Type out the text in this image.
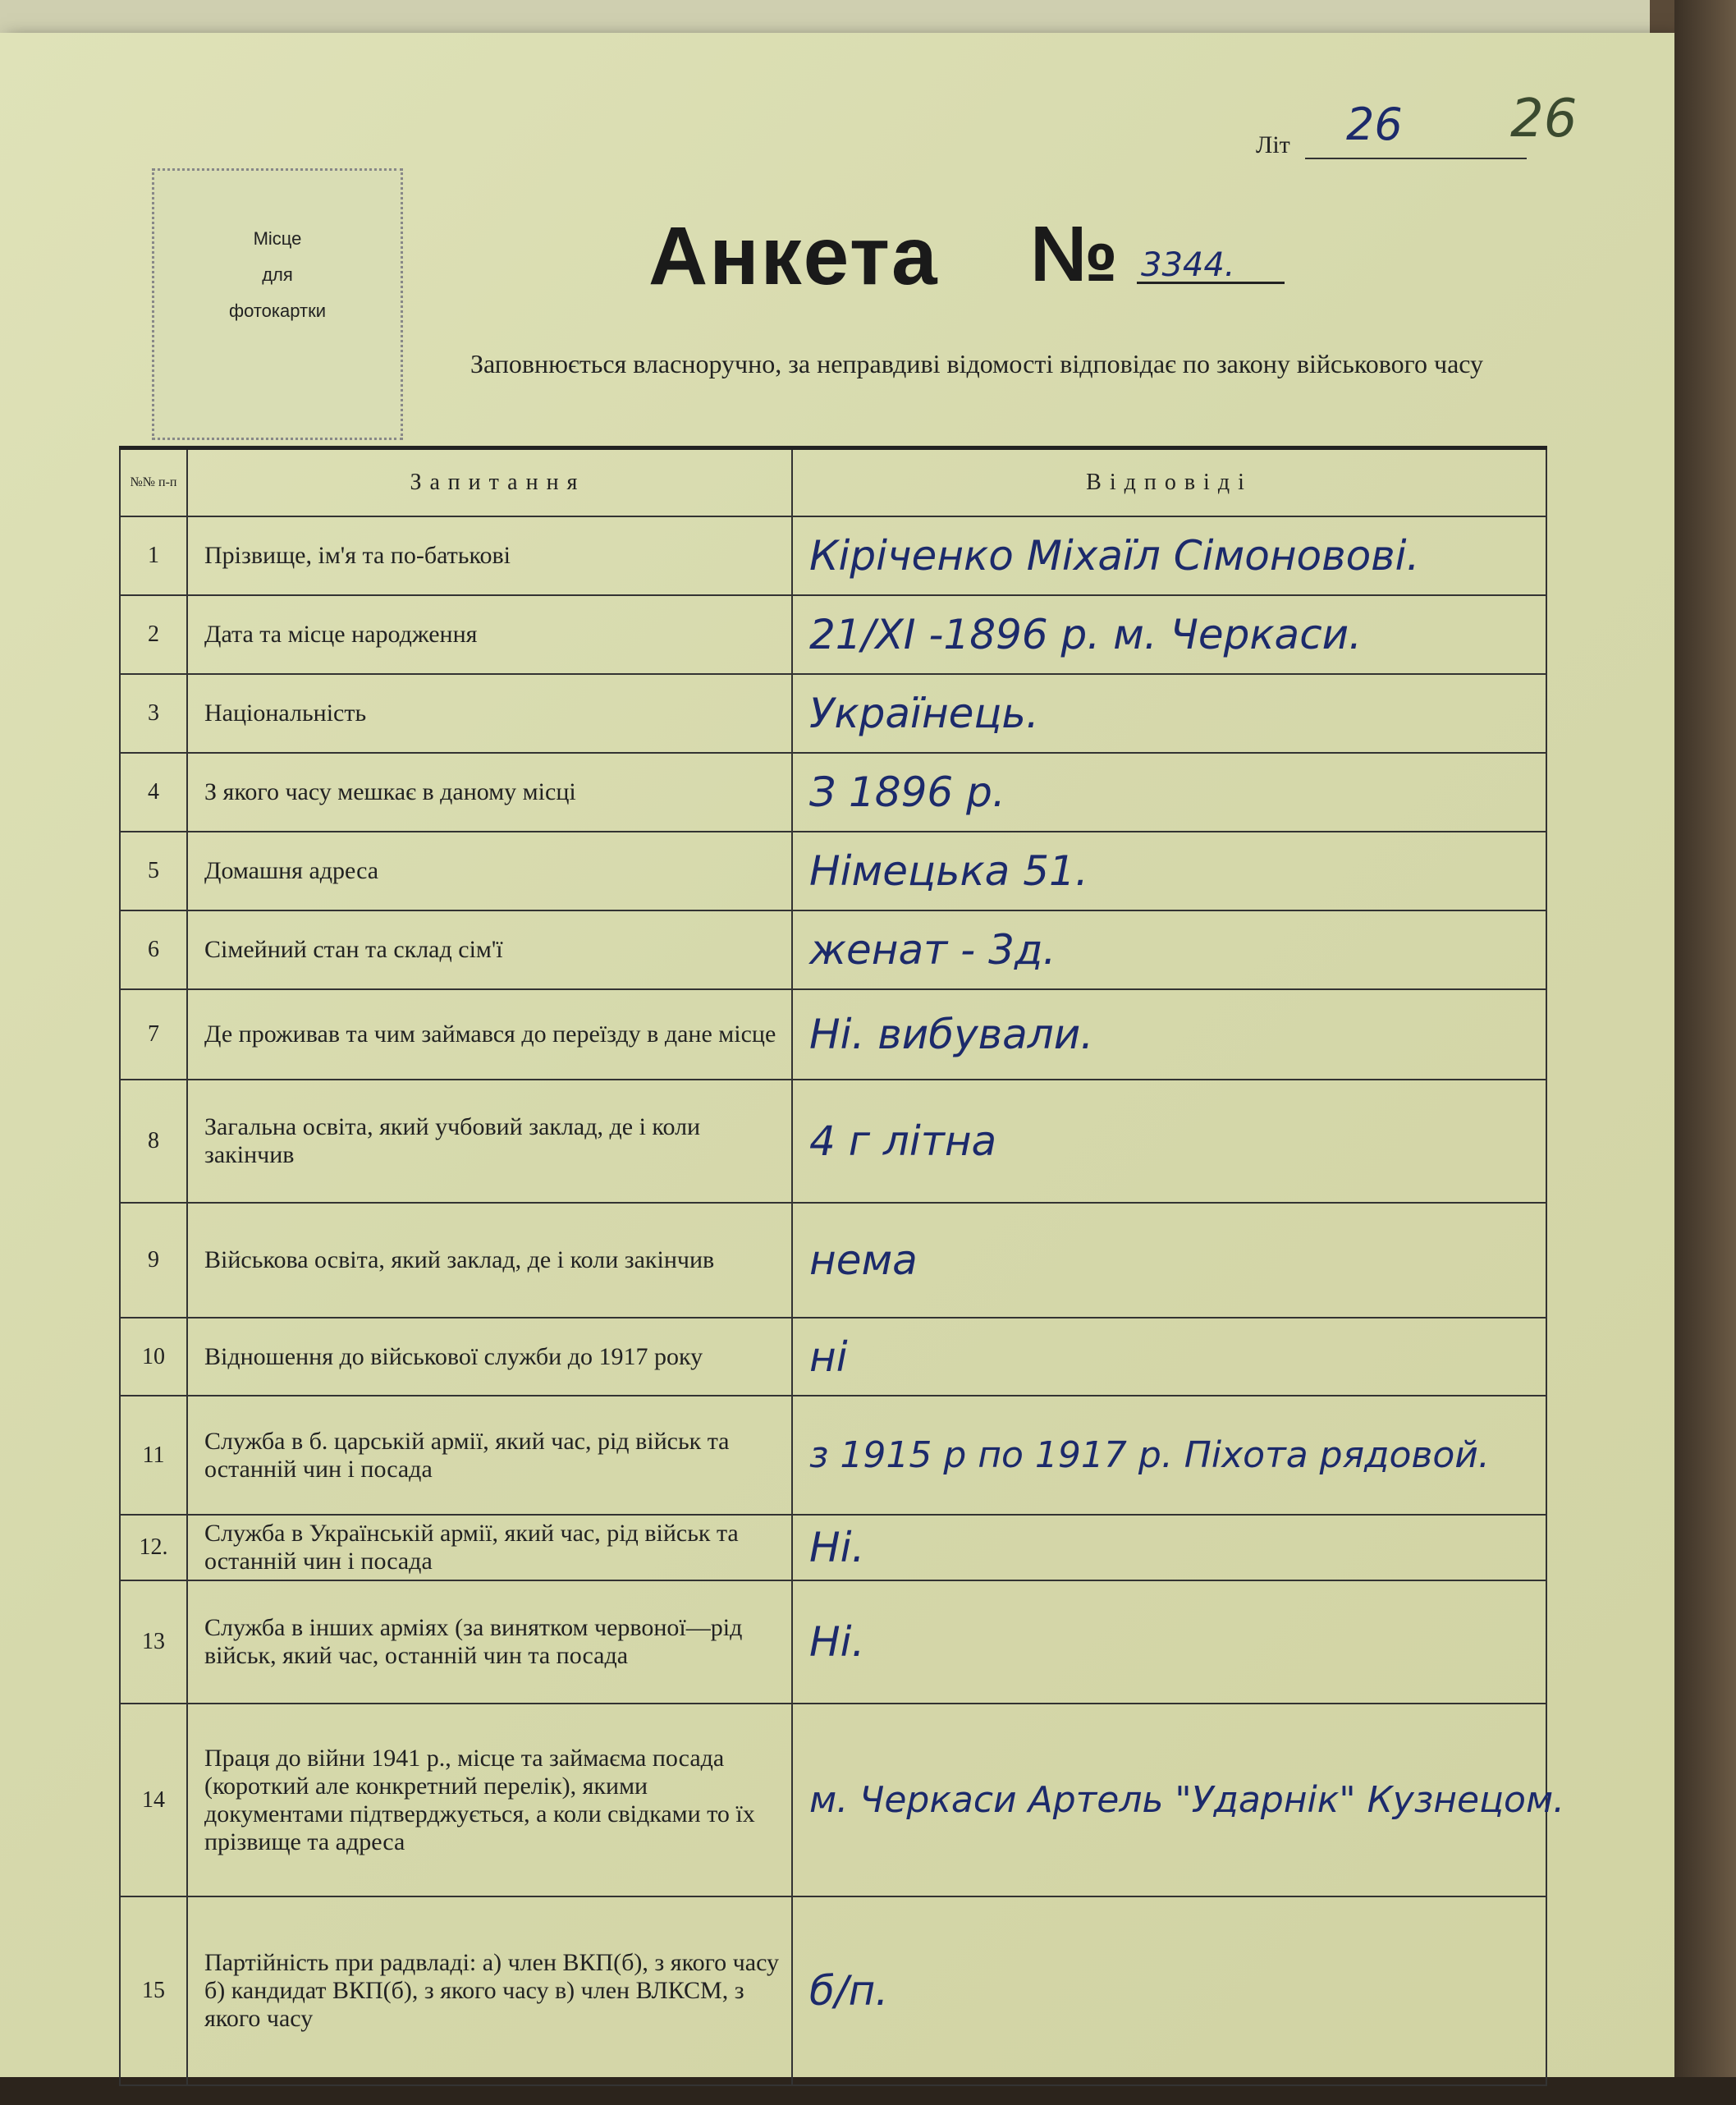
Літ 26 26
Місце
для
фотокартки
Анкета № 3344.
Заповнюється власноручно, за неправдиві відомості відповідає по закону військового часу
№№ п-п	Запитання	Відповіді
1	Прізвище, ім'я та по-батькові	Кіріченко Міхаїл Сімоновові.
2	Дата та місце народження	21/XI -1896 р. м. Черкаси.
3	Національність	Українець.
4	З якого часу мешкає в даному місці	З 1896 р.
5	Домашня адреса	Німецька 51.
6	Сімейний стан та склад сім'ї	женат - 3д.
7	Де проживав та чим займався до переїзду в дане місце	Ні. вибували.
8	Загальна освіта, який учбовий заклад, де і коли закінчив	4 г літна
9	Військова освіта, який заклад, де і коли закінчив	нема
10	Відношення до військової служби до 1917 року	ні
11	Служба в б. царській армії, який час, рід військ та останній чин і посада	з 1915 р по 1917 р. Піхота рядовой.
12.	Служба в Українській армії, який час, рід військ та останній чин і посада	Ні.
13	Служба в інших арміях (за винятком червоної—рід військ, який час, останній чин та посада	Ні.
14	Праця до війни 1941 р., місце та займаєма посада (короткий але конкретний перелік), якими документами підтверджується, а коли свідками то їх прізвище та адреса	м. Черкаси Артель "Ударнік" Кузнецом.
15	Партійність при радвладі: а) член ВКП(б), з якого часу б) кандидат ВКП(б), з якого часу в) член ВЛКСМ, з якого часу	б/п.
